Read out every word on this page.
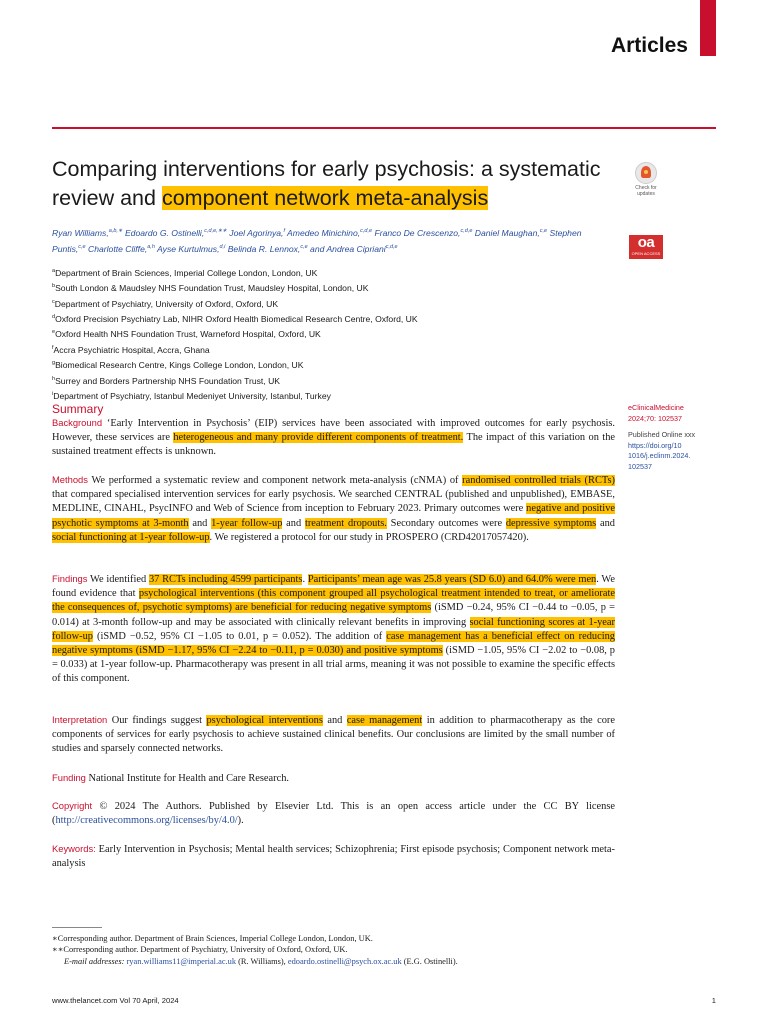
Articles
Comparing interventions for early psychosis: a systematic review and component network meta-analysis	Check for updates
oa
OPEN ACCESS
Ryan Williams,$^{a,b,∗}$ Edoardo G. Ostinelli,$^{c,d,e,∗∗}$ Joel Agorinya,$^f$ Amedeo Minichino,$^{c,d,e}$ Franco De Crescenzo,$^{c,d,e}$ Daniel Maughan,$^{c,e}$ Stephen Puntis,$^{c,e}$ Charlotte Cliffe,$^{a,h}$ Ayse Kurtulmus,$^{d,i}$ Belinda R. Lennox,$^{c,e}$ and Andrea Cipriani$^{c,d,e}$
$^a$Department of Brain Sciences, Imperial College London, London, UK
$^b$South London & Maudsley NHS Foundation Trust, Maudsley Hospital, London, UK
$^c$Department of Psychiatry, University of Oxford, Oxford, UK
$^d$Oxford Precision Psychiatry Lab, NIHR Oxford Health Biomedical Research Centre, Oxford, UK
$^e$Oxford Health NHS Foundation Trust, Warneford Hospital, Oxford, UK
$^f$Accra Psychiatric Hospital, Accra, Ghana
$^g$Biomedical Research Centre, Kings College London, London, UK
$^h$Surrey and Borders Partnership NHS Foundation Trust, UK
$^i$Department of Psychiatry, Istanbul Medeniyet University, Istanbul, Turkey
Summary	eClinicalMedicine
2024;70: 102537
Published Online xxx
https://doi.org/10
1016/j.eclinm.2024.
102537

Background ‘Early Intervention in Psychosis’ (EIP) services have been associated with improved outcomes for early psychosis. However, these services are heterogeneous and many provide different components of treatment. The impact of this variation on the sustained treatment effects is unknown.

Methods We performed a systematic review and component network meta-analysis (cNMA) of randomised controlled trials (RCTs) that compared specialised intervention services for early psychosis. We searched CENTRAL (published and unpublished), EMBASE, MEDLINE, CINAHL, PsycINFO and Web of Science from inception to February 2023. Primary outcomes were negative and positive psychotic symptoms at 3-month and 1-year follow-up and treatment dropouts. Secondary outcomes were depressive symptoms and social functioning at 1-year follow-up. We registered a protocol for our study in PROSPERO (CRD42017057420).

Findings We identified 37 RCTs including 4599 participants. Participants’ mean age was 25.8 years (SD 6.0) and 64.0% were men. We found evidence that psychological interventions (this component grouped all psychological treatment intended to treat, or ameliorate the consequences of, psychotic symptoms) are beneficial for reducing negative symptoms (iSMD −0.24, 95% CI −0.44 to −0.05, p = 0.014) at 3-month follow-up and may be associated with clinically relevant benefits in improving social functioning scores at 1-year follow-up (iSMD −0.52, 95% CI −1.05 to 0.01, p = 0.052). The addition of case management has a beneficial effect on reducing negative symptoms (iSMD −1.17, 95% CI −2.24 to −0.11, p = 0.030) and positive symptoms (iSMD −1.05, 95% CI −2.02 to −0.08, p = 0.033) at 1-year follow-up. Pharmacotherapy was present in all trial arms, meaning it was not possible to examine the specific effects of this component.

Interpretation Our findings suggest psychological interventions and case management in addition to pharmacotherapy as the core components of services for early psychosis to achieve sustained clinical benefits. Our conclusions are limited by the small number of studies and sparsely connected networks.

Funding National Institute for Health and Care Research.

Copyright © 2024 The Authors. Published by Elsevier Ltd. This is an open access article under the CC BY license (http://creativecommons.org/licenses/by/4.0/).

Keywords: Early Intervention in Psychosis; Mental health services; Schizophrenia; First episode psychosis; Component network meta-analysis

∗Corresponding author. Department of Brain Sciences, Imperial College London, London, UK.
∗∗Corresponding author. Department of Psychiatry, University of Oxford, Oxford, UK.
E-mail addresses: ryan.williams11@imperial.ac.uk (R. Williams), edoardo.ostinelli@psych.ox.ac.uk (E.G. Ostinelli).
www.thelancet.com Vol 70 April, 2024	1
